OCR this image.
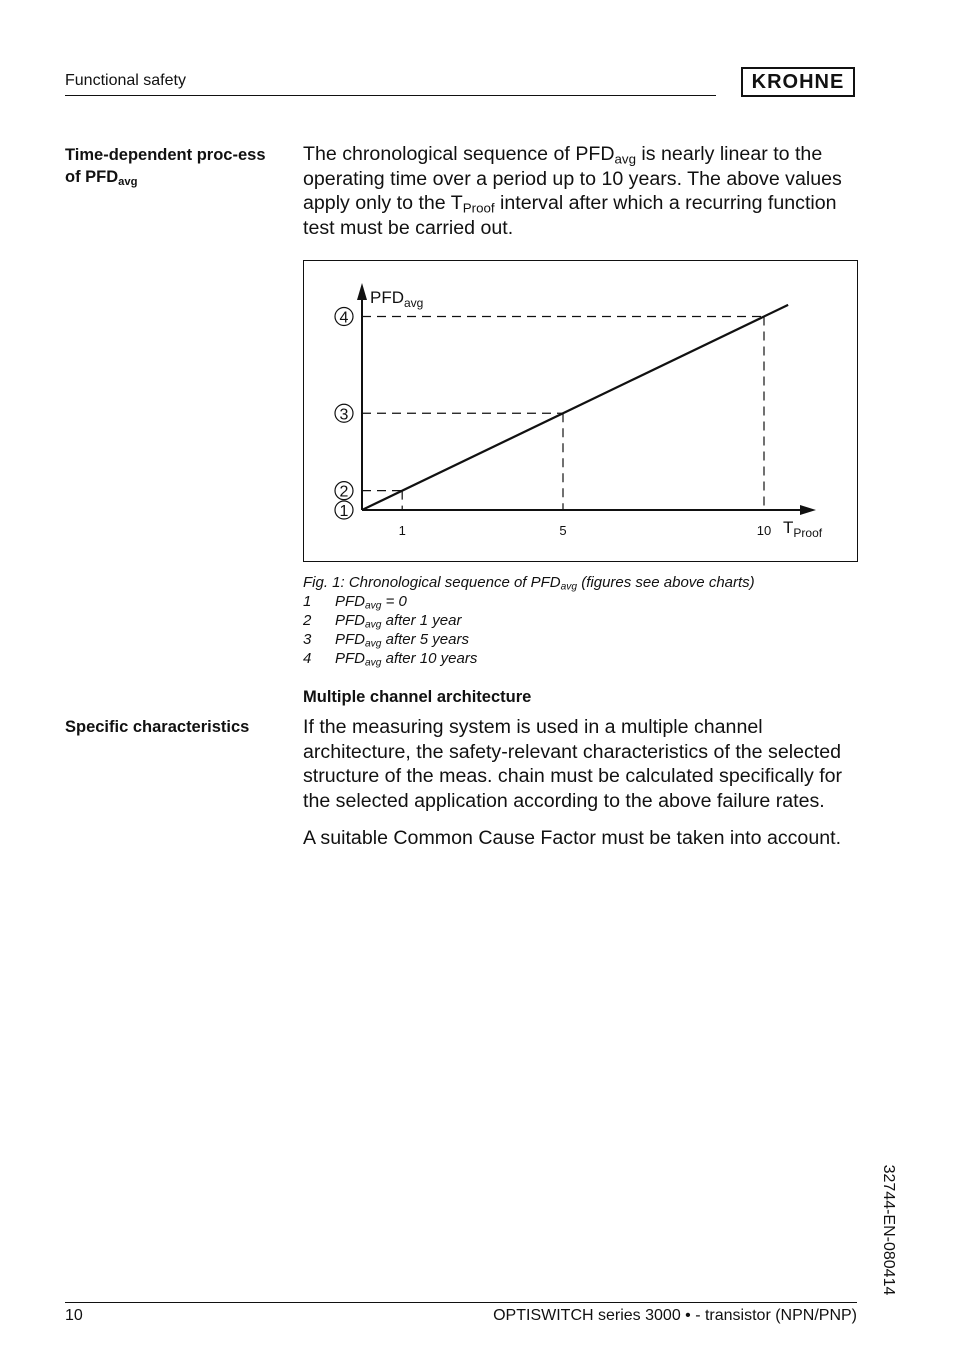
Functional safety	KROHNE
Time-dependent proc-ess of $PFD_{avg}$
The chronological sequence of $PFD_{avg}$ is nearly linear to the operating time over a period up to 10 years. The above values apply only to the $T_{Proof}$ interval after which a recurring function test must be carried out.
1
2
3
4
1	5	10
$PFD_{avg}$
$T_{Proof}$
Fig. 1: Chronological sequence of $PFD_{avg}$ (figures see above charts)
1	$PFD_{avg} = 0$
2	$PFD_{avg}$ after 1 year
3	$PFD_{avg}$ after 5 years
4	$PFD_{avg}$ after 10 years
Multiple channel architecture
Specific characteristics	If the measuring system is used in a multiple channel architecture, the safety-relevant characteristics of the selected structure of the meas. chain must be calculated specifically for the selected application according to the above failure rates.
A suitable Common Cause Factor must be taken into account.
10	OPTISWITCH series 3000 • - transistor (NPN/PNP)
32744-EN-080414
